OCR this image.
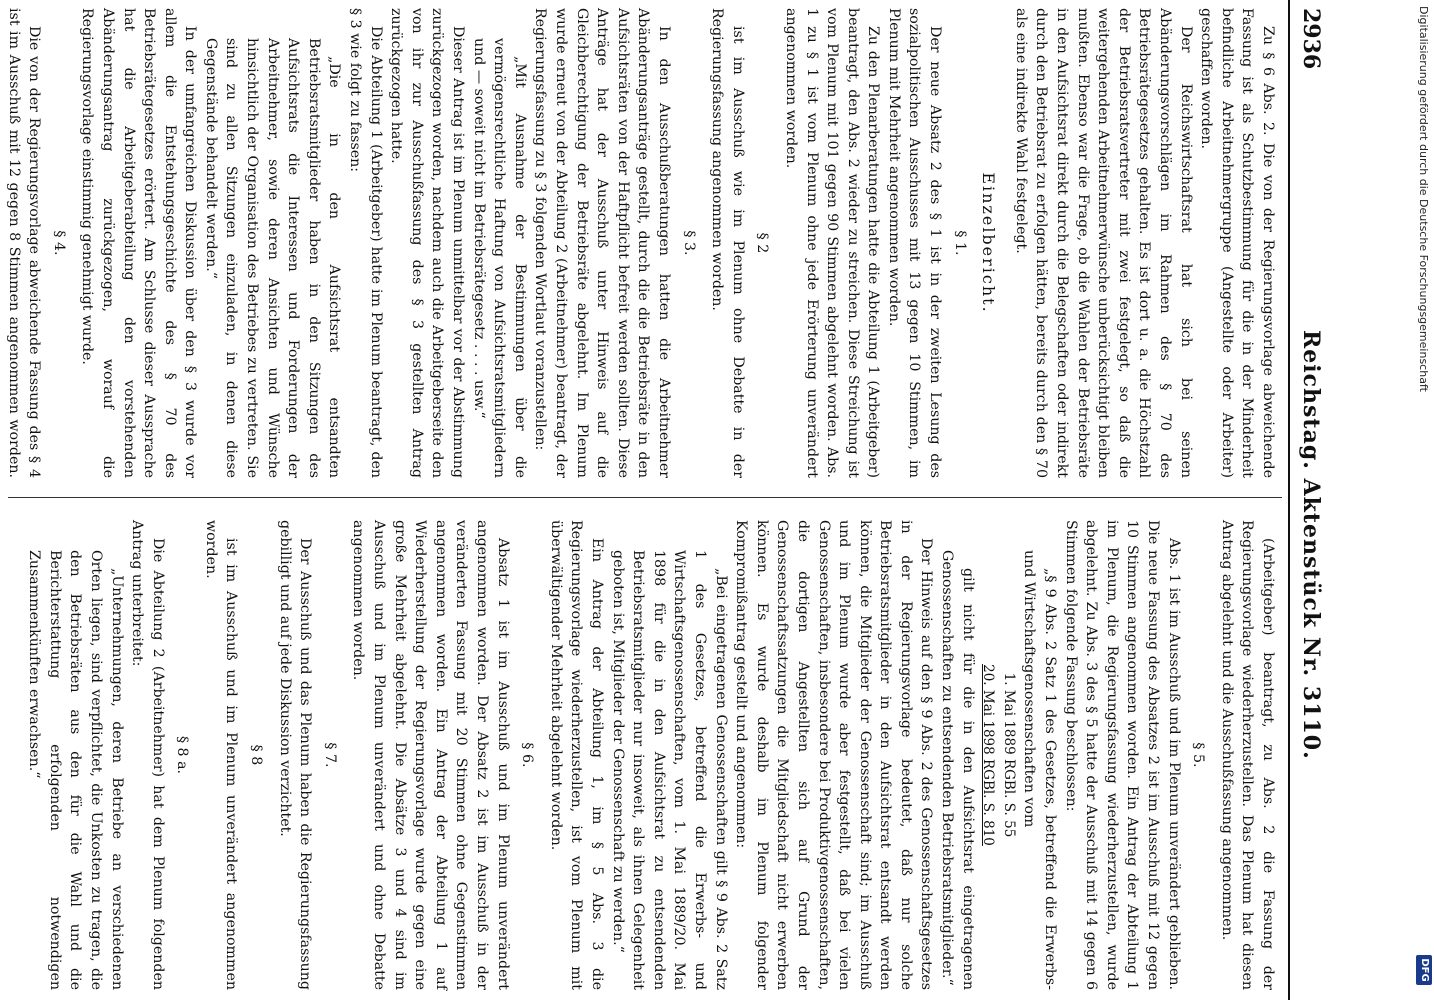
2936
Reichstag. Aktenstück Nr. 3110.

Zu § 6 Abs. 2. Die von der Regierungsvorlage abweichende Fassung ist als Schutzbestimmung für die in der Minderheit befindliche Arbeitnehmergruppe (Angestellte oder Arbeiter) geschaffen worden.

Der Reichswirtschaftsrat hat sich bei seinen Abänderungsvorschlägen im Rahmen des § 70 des Betriebsrätegesetzes gehalten. Es ist dort u. a. die Höchstzahl der Betriebsratsvertreter mit zwei festgelegt, so daß die weitergehenden Arbeitnehmerwünsche unberücksichtigt bleiben mußten. Ebenso war die Frage, ob die Wahlen der Betriebsräte in den Aufsichtsrat direkt durch die Belegschaften oder indirekt durch den Betriebsrat zu erfolgen hätten, bereits durch den § 70 als eine indirekte Wahl festgelegt.

Einzelbericht.

§ 1.

Der neue Absatz 2 des § 1 ist in der zweiten Lesung des sozialpolitischen Ausschusses mit 13 gegen 10 Stimmen, im Plenum mit Mehrheit angenommen worden.

Zu den Plenarberatungen hatte die Abteilung 1 (Arbeitgeber) beantragt, den Abs. 2 wieder zu streichen. Diese Streichung ist vom Plenum mit 101 gegen 90 Stimmen abgelehnt worden. Abs. 1 zu § 1 ist vom Plenum ohne jede Erörterung unverändert angenommen worden.

§ 2

ist im Ausschuß wie im Plenum ohne Debatte in der Regierungsfassung angenommen worden.

§ 3.

In den Ausschußberatungen hatten die Arbeitnehmer Abänderungsanträge gestellt, durch die die Betriebsräte in den Aufsichtsräten von der Haftpflicht befreit werden sollten. Diese Anträge hat der Ausschuß unter Hinweis auf die Gleichberechtigung der Betriebsräte abgelehnt. Im Plenum wurde erneut von der Abteilung 2 (Arbeitnehmer) beantragt, der Regierungsfassung zu § 3 folgenden Wortlaut voranzustellen:

„Mit Ausnahme der Bestimmungen über die vermögensrechtliche Haftung von Aufsichtsratsmitgliedern und — soweit nicht im Betriebsrätegesetz . . . . usw.“

Dieser Antrag ist im Plenum unmittelbar vor der Abstimmung zurückgezogen worden, nachdem auch die Arbeitgeberseite den von ihr zur Ausschußfassung des § 3 gestellten Antrag zurückgezogen hatte.

Die Abteilung 1 (Arbeitgeber) hatte im Plenum beantragt, den § 3 wie folgt zu fassen:

„Die in den Aufsichtsrat entsandten Betriebsratsmitglieder haben in den Sitzungen des Aufsichtsrats die Interessen und Forderungen der Arbeitnehmer, sowie deren Ansichten und Wünsche hinsichtlich der Organisation des Betriebes zu vertreten. Sie sind zu allen Sitzungen einzuladen, in denen diese Gegenstände behandelt werden.“

In der umfangreichen Diskussion über den § 3 wurde vor allem die Entstehungsgeschichte des § 70 des Betriebsrätegesetzes erörtert. Am Schlusse dieser Aussprache hat die Arbeitgeberabteilung den vorstehenden Abänderungsantrag zurückgezogen, worauf die Regierungsvorlage einstimmig genehmigt wurde.

§ 4.

Die von der Regierungsvorlage abweichende Fassung des § 4 ist im Ausschuß mit 12 gegen 8 Stimmen angenommen worden.

(Arbeitgeber) beantragt, zu Abs. 2 die Fassung der Regierungsvorlage wiederherzustellen. Das Plenum hat diesen Antrag abgelehnt und die Ausschußfassung angenommen.

§ 5.

Abs. 1 ist im Ausschuß und im Plenum unverändert geblieben. Die neue Fassung des Absatzes 2 ist im Ausschuß mit 12 gegen 10 Stimmen angenommen worden. Ein Antrag der Abteilung 1 im Plenum, die Regierungsfassung wiederherzustellen, wurde abgelehnt. Zu Abs. 3 des § 5 hatte der Ausschuß mit 14 gegen 6 Stimmen folgende Fassung beschlossen:

„§ 9 Abs. 2 Satz 1 des Gesetzes, betreffend die Erwerbs- und Wirtschaftsgenossenschaften vom

1. Mai 1889 RGBl. S. 55

20. Mai 1898 RGBl. S. 810

gilt nicht für die in den Aufsichtsrat eingetragenen Genossenschaften zu entsendenden Betriebsratsmitglieder.“

Der Hinweis auf den § 9 Abs. 2 des Genossenschaftsgesetzes in der Regierungsvorlage bedeutet, daß nur solche Betriebsratsmitglieder in den Aufsichtsrat entsandt werden können, die Mitglieder der Genossenschaft sind; im Ausschuß und im Plenum wurde aber festgestellt, daß bei vielen Genossenschaften, insbesondere bei Produktivgenossenschaften, die dortigen Angestellten sich auf Grund der Genossenschaftssatzungen die Mitgliedschaft nicht erwerben können. Es wurde deshalb im Plenum folgender Kompromißantrag gestellt und angenommen:

„Bei eingetragenen Genossenschaften gilt § 9 Abs. 2 Satz 1 des Gesetzes, betreffend die Erwerbs- und Wirtschaftsgenossenschaften, vom 1. Mai 1889/20. Mai 1898 für die in den Aufsichtsrat zu entsendenden Betriebsratsmitglieder nur insoweit, als ihnen Gelegenheit geboten ist, Mitglieder der Genossenschaft zu werden.“

Ein Antrag der Abteilung 1, im § 5 Abs. 3 die Regierungsvorlage wiederherzustellen, ist vom Plenum mit überwältigender Mehrheit abgelehnt worden.

§ 6.

Absatz 1 ist im Ausschuß und im Plenum unverändert angenommen worden. Der Absatz 2 ist im Ausschuß in der veränderten Fassung mit 20 Stimmen ohne Gegenstimmen angenommen worden. Ein Antrag der Abteilung 1 auf Wiederherstellung der Regierungsvorlage wurde gegen eine große Mehrheit abgelehnt. Die Absätze 3 und 4 sind im Ausschuß und im Plenum unverändert und ohne Debatte angenommen worden.

§ 7.

Der Ausschuß und das Plenum haben die Regierungsfassung gebilligt und auf jede Diskussion verzichtet.

§ 8

ist im Ausschuß und im Plenum unverändert angenommen worden.

§ 8 a.

Die Abteilung 2 (Arbeitnehmer) hat dem Plenum folgenden Antrag unterbreitet:

„Unternehmungen, deren Betriebe an verschiedenen Orten liegen, sind verpflichtet, die Unkosten zu tragen, die den Betriebsräten aus den für die Wahl und die Berichterstattung erfolgenden notwendigen Zusammenkünften erwachsen.“

Digitalisierung gefördert durch die Deutsche Forschungsgemeinschaft
DFG
